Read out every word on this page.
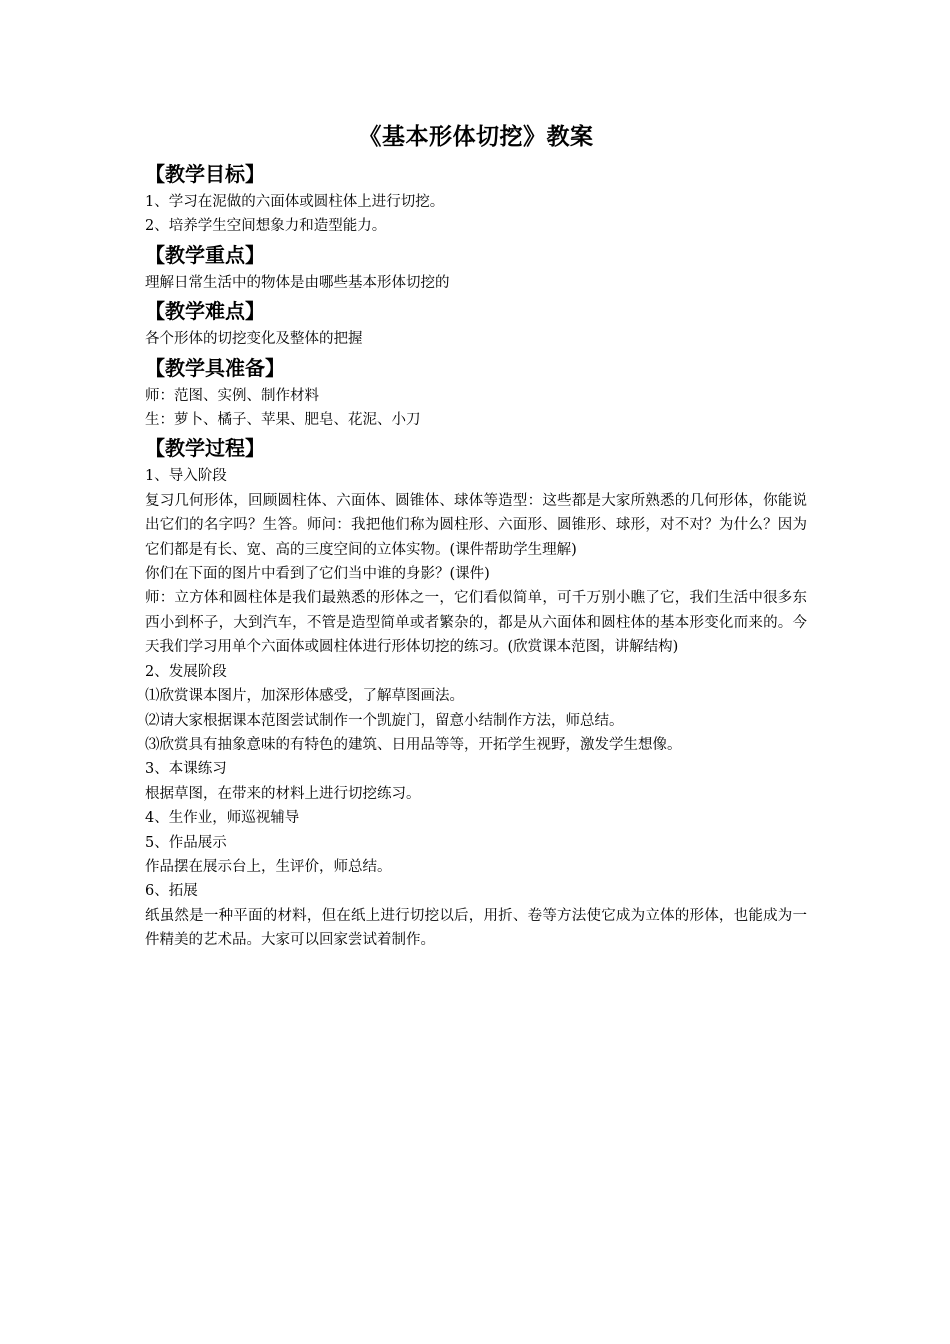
《基本形体切挖》教案
【教学目标】

1、学习在泥做的六面体或圆柱体上进行切挖。

2、培养学生空间想象力和造型能力。

【教学重点】

理解日常生活中的物体是由哪些基本形体切挖的

【教学难点】

各个形体的切挖变化及整体的把握

【教学具准备】

师：范图、实例、制作材料

生：萝卜、橘子、苹果、肥皂、花泥、小刀

【教学过程】

1、导入阶段

复习几何形体，回顾圆柱体、六面体、圆锥体、球体等造型：这些都是大家所熟悉的几何形体，你能说出它们的名字吗？生答。师问：我把他们称为圆柱形、六面形、圆锥形、球形，对不对？为什么？因为它们都是有长、宽、高的三度空间的立体实物。(课件帮助学生理解)

你们在下面的图片中看到了它们当中谁的身影？(课件)

师：立方体和圆柱体是我们最熟悉的形体之一，它们看似简单，可千万别小瞧了它，我们生活中很多东西小到杯子，大到汽车，不管是造型简单或者繁杂的，都是从六面体和圆柱体的基本形变化而来的。今天我们学习用单个六面体或圆柱体进行形体切挖的练习。(欣赏课本范图，讲解结构)

2、发展阶段

⑴欣赏课本图片，加深形体感受，了解草图画法。

⑵请大家根据课本范图尝试制作一个凯旋门，留意小结制作方法，师总结。

⑶欣赏具有抽象意味的有特色的建筑、日用品等等，开拓学生视野，激发学生想像。

3、本课练习

根据草图，在带来的材料上进行切挖练习。

4、生作业，师巡视辅导

5、作品展示

作品摆在展示台上，生评价，师总结。

6、拓展

纸虽然是一种平面的材料，但在纸上进行切挖以后，用折、卷等方法使它成为立体的形体，也能成为一件精美的艺术品。大家可以回家尝试着制作。
